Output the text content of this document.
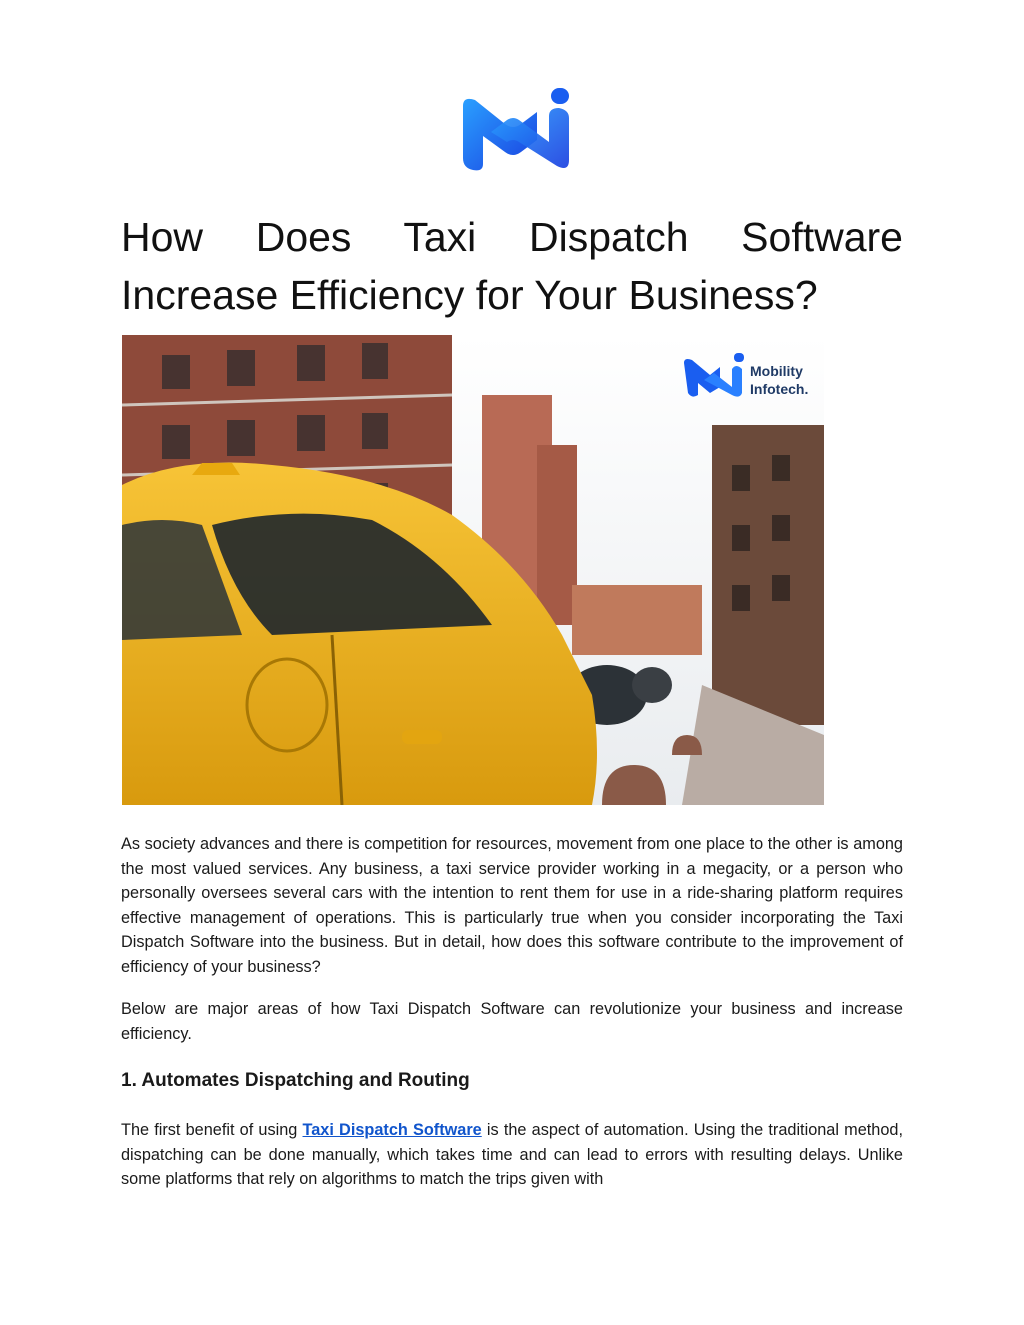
How Does Taxi Dispatch Software
Increase Efficiency for Your Business?
Mobility
Infotech.

As society advances and there is competition for resources, movement from one place to the other is among the most valued services. Any business, a taxi service provider working in a megacity, or a person who personally oversees several cars with the intention to rent them for use in a ride-sharing platform requires effective management of operations. This is particularly true when you consider incorporating the Taxi Dispatch Software into the business. But in detail, how does this software contribute to the improvement of efficiency of your business?

Below are major areas of how Taxi Dispatch Software can revolutionize your business and increase efficiency.

1. Automates Dispatching and Routing

The first benefit of using Taxi Dispatch Software is the aspect of automation. Using the traditional method, dispatching can be done manually, which takes time and can lead to errors with resulting delays. Unlike some platforms that rely on algorithms to match the trips given with
